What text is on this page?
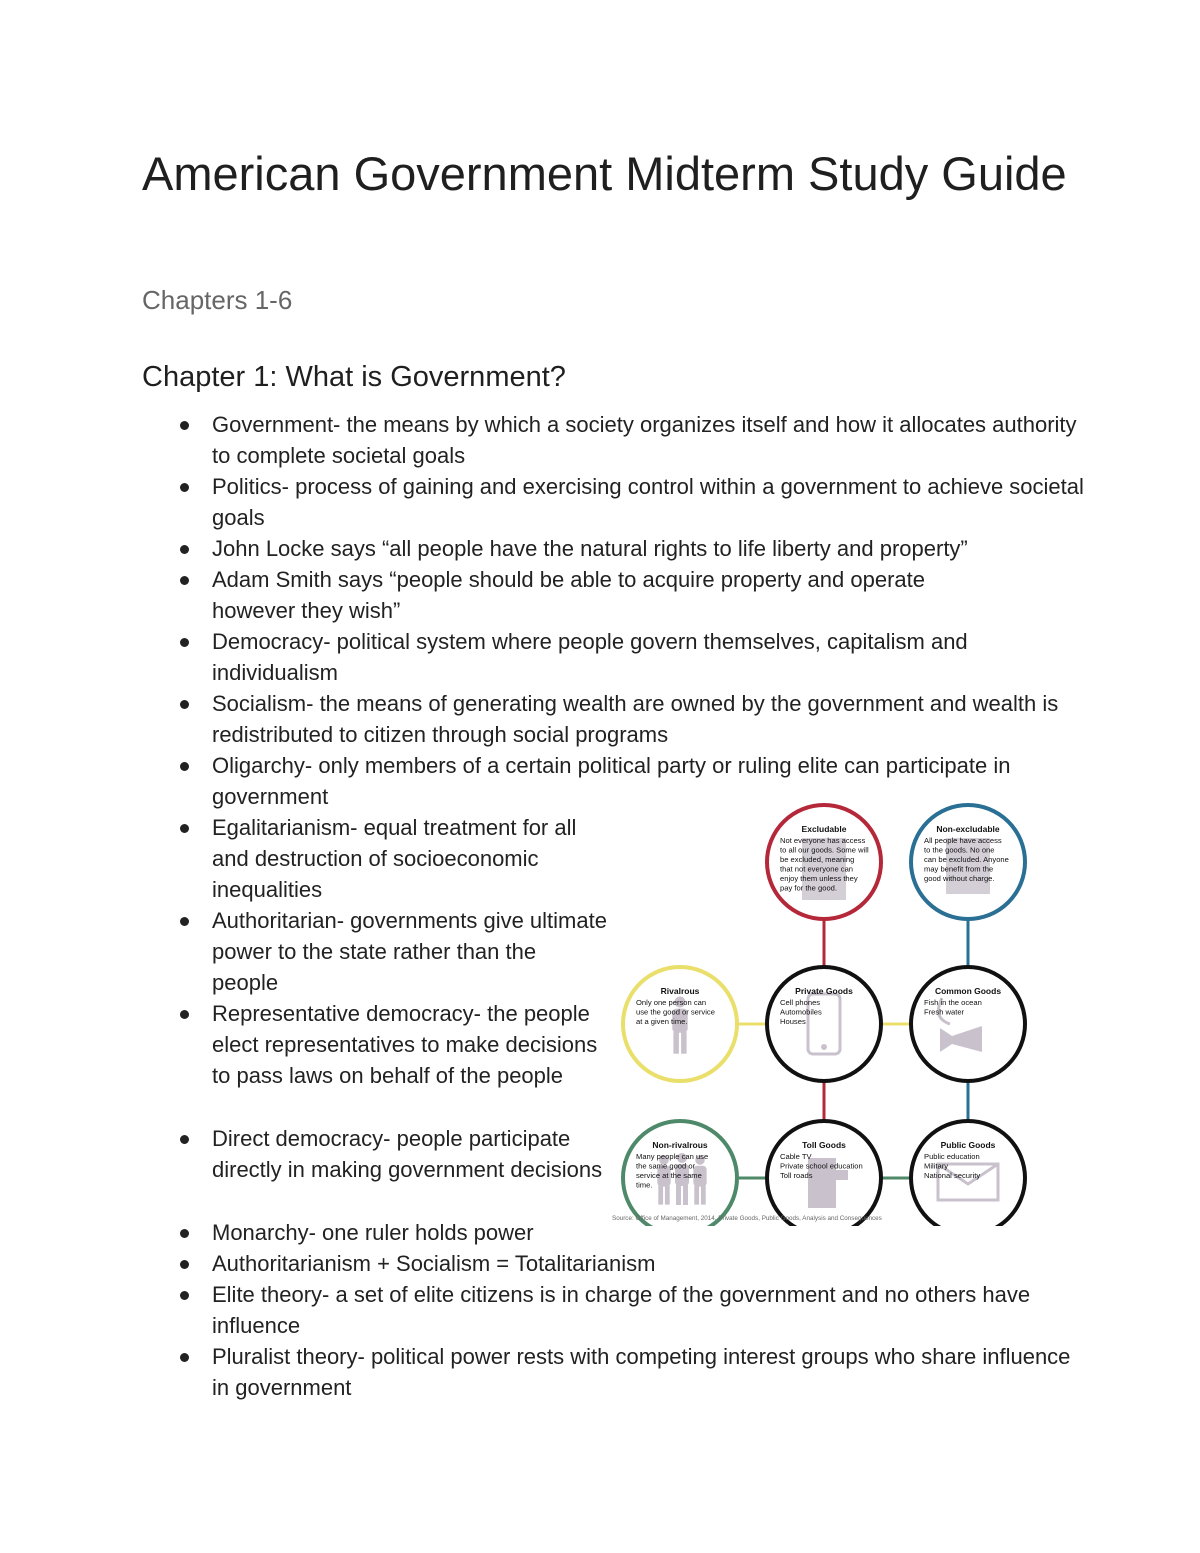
American Government Midterm Study Guide
Chapters 1-6
Chapter 1: What is Government?
Government- the means by which a society organizes itself and how it allocates authority to complete societal goals
Politics- process of gaining and exercising control within a government to achieve societal goals
John Locke says “all people have the natural rights to life liberty and property”
Adam Smith says “people should be able to acquire property and operate however they wish”
Democracy- political system where people govern themselves, capitalism and individualism
Socialism- the means of generating wealth are owned by the government and wealth is redistributed to citizen through social programs
Oligarchy- only members of a certain political party or ruling elite can participate in government
Egalitarianism- equal treatment for all and destruction of socioeconomic inequalities
Authoritarian- governments give ultimate power to the state rather than the people
Representative democracy- the people elect representatives to make decisions to pass laws on behalf of the people
Direct democracy- people participate directly in making government decisions
Monarchy- one ruler holds power
Authoritarianism + Socialism = Totalitarianism
Elite theory- a set of elite citizens is in charge of the government and no others have influence
Pluralist theory- political power rests with competing interest groups who share influence in government
Excludable
Not everyone has access
to all our goods. Some will
be excluded, meaning
that not everyone can
enjoy them unless they
pay for the good.
Non-excludable
All people have access
to the goods. No one
can be excluded. Anyone
may benefit from the
good without charge.
Rivalrous
Only one person can
use the good or service
at a given time.
Private Goods
Cell phones
Automobiles
Houses
Common Goods
Fish in the ocean
Fresh water
Non-rivalrous
Many people can use
the same good or
service at the same
time.
Toll Goods
Cable TV
Private school education
Toll roads
Public Goods
Public education
Military
National security
Source: Office of Management, 2014, Private Goods, Public Goods, Analysis and Consequences
